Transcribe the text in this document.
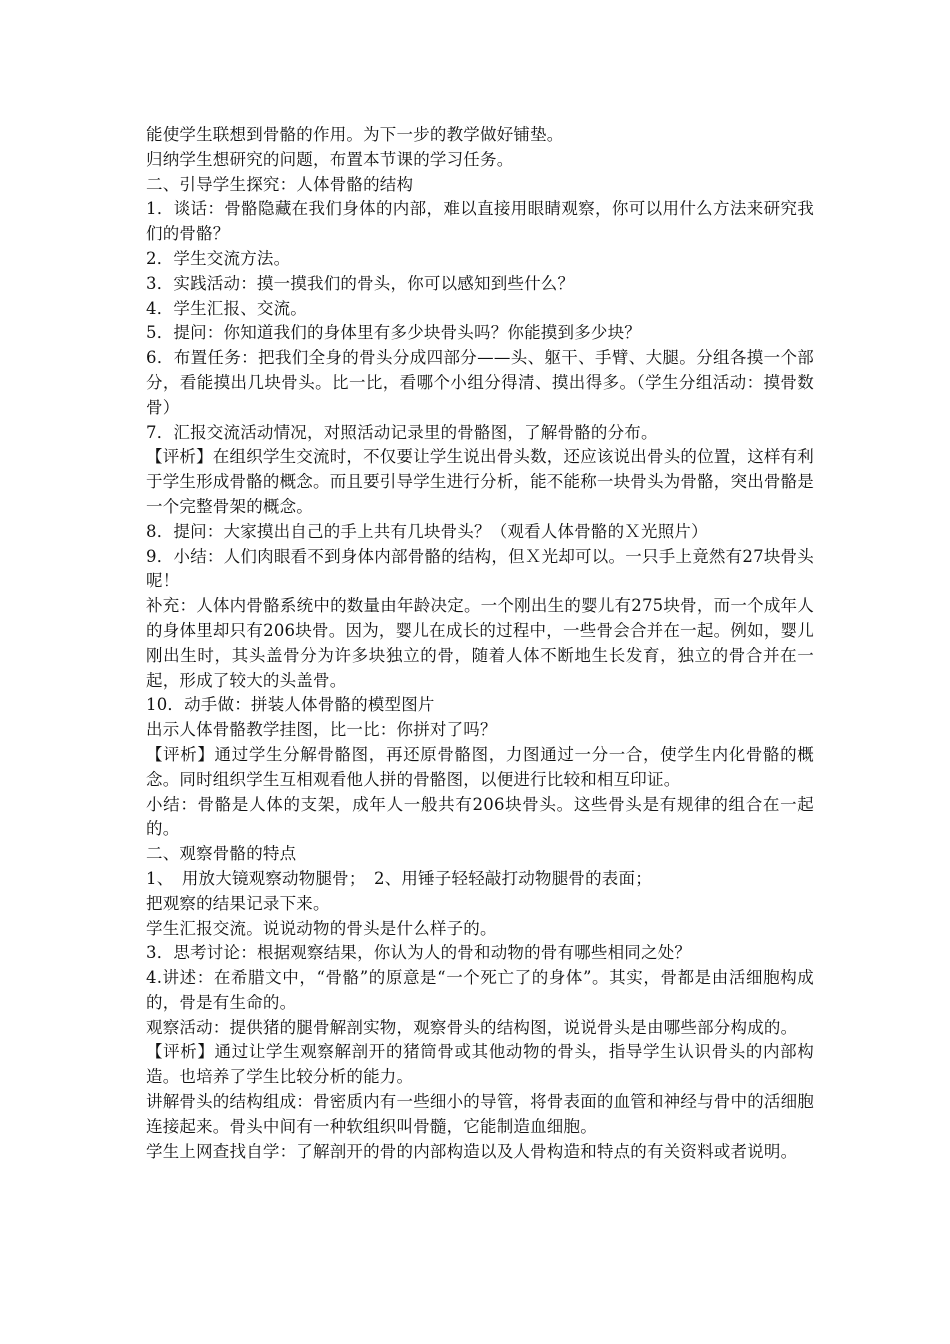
能使学生联想到骨骼的作用。为下一步的教学做好铺垫。

归纳学生想研究的问题，布置本节课的学习任务。

二、引导学生探究：人体骨骼的结构

1．谈话：骨骼隐藏在我们身体的内部，难以直接用眼睛观察，你可以用什么方法来研究我们的骨骼？

2．学生交流方法。

3．实践活动：摸一摸我们的骨头，你可以感知到些什么？

4．学生汇报、交流。

5．提问：你知道我们的身体里有多少块骨头吗？你能摸到多少块？

6．布置任务：把我们全身的骨头分成四部分——头、躯干、手臂、大腿。分组各摸一个部分，看能摸出几块骨头。比一比，看哪个小组分得清、摸出得多。（学生分组活动：摸骨数骨）

7．汇报交流活动情况，对照活动记录里的骨骼图，了解骨骼的分布。

【评析】在组织学生交流时，不仅要让学生说出骨头数，还应该说出骨头的位置，这样有利于学生形成骨骼的概念。而且要引导学生进行分析，能不能称一块骨头为骨骼，突出骨骼是一个完整骨架的概念。

8．提问：大家摸出自己的手上共有几块骨头？（观看人体骨骼的Ｘ光照片）

9．小结：人们肉眼看不到身体内部骨骼的结构，但Ｘ光却可以。一只手上竟然有27块骨头呢！

补充：人体内骨骼系统中的数量由年龄决定。一个刚出生的婴儿有275块骨，而一个成年人的身体里却只有206块骨。因为，婴儿在成长的过程中，一些骨会合并在一起。例如，婴儿刚出生时，其头盖骨分为许多块独立的骨，随着人体不断地生长发育，独立的骨合并在一起，形成了较大的头盖骨。

10．动手做：拼装人体骨骼的模型图片

出示人体骨骼教学挂图，比一比：你拼对了吗？

【评析】通过学生分解骨骼图，再还原骨骼图，力图通过一分一合，使学生内化骨骼的概念。同时组织学生互相观看他人拼的骨骼图，以便进行比较和相互印证。

小结：骨骼是人体的支架，成年人一般共有206块骨头。这些骨头是有规律的组合在一起的。

二、观察骨骼的特点

1、　用放大镜观察动物腿骨；　2、用锤子轻轻敲打动物腿骨的表面；

把观察的结果记录下来。

学生汇报交流。说说动物的骨头是什么样子的。

3．思考讨论：根据观察结果，你认为人的骨和动物的骨有哪些相同之处？

4.讲述：在希腊文中，“骨骼”的原意是“一个死亡了的身体”。其实，骨都是由活细胞构成的，骨是有生命的。

观察活动：提供猪的腿骨解剖实物，观察骨头的结构图，说说骨头是由哪些部分构成的。

【评析】通过让学生观察解剖开的猪筒骨或其他动物的骨头，指导学生认识骨头的内部构造。也培养了学生比较分析的能力。

讲解骨头的结构组成：骨密质内有一些细小的导管，将骨表面的血管和神经与骨中的活细胞连接起来。骨头中间有一种软组织叫骨髓，它能制造血细胞。

学生上网查找自学：了解剖开的骨的内部构造以及人骨构造和特点的有关资料或者说明。
